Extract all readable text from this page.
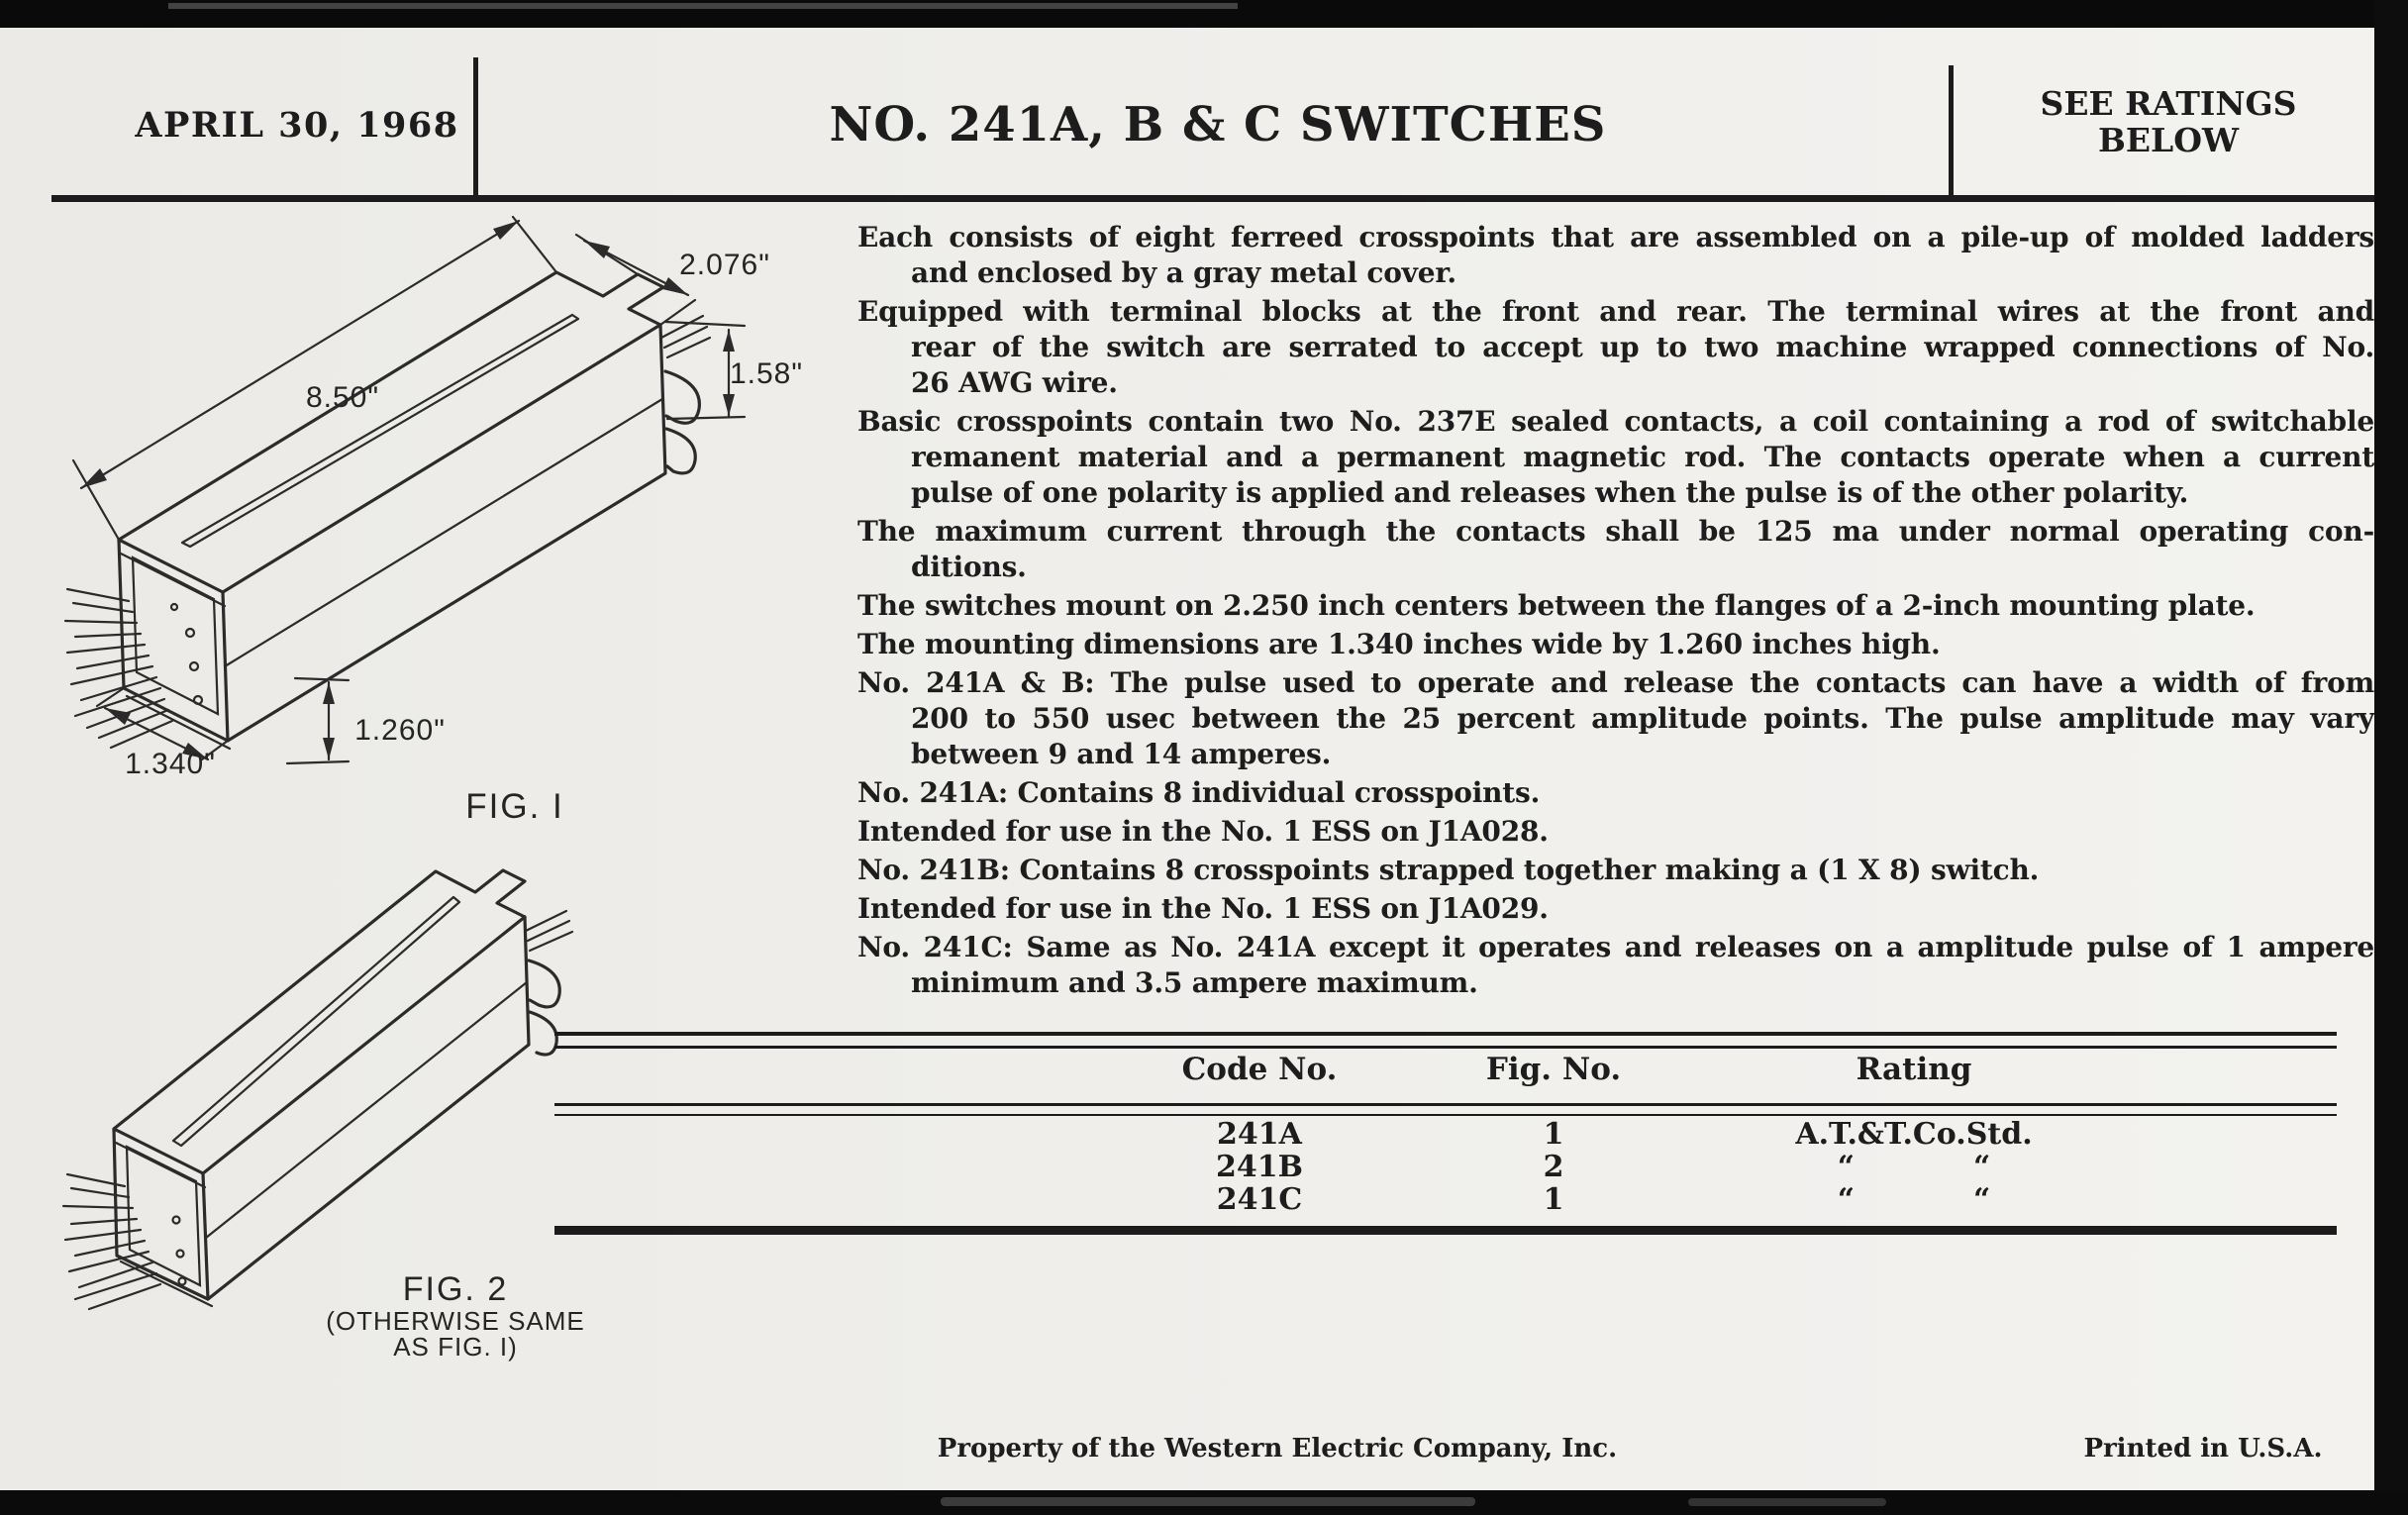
APRIL 30, 1968	NO. 241A, B & C SWITCHES	SEE RATINGS
BELOW
8.50"
2.076"
1.58"
1.340"
1.260"
FIG. I
FIG. 2
(OTHERWISE SAME
AS FIG. I)
Each consists of eight ferreed crosspoints that are assembled on a pile-up of molded ladders
and enclosed by a gray metal cover.
Equipped with terminal blocks at the front and rear. The terminal wires at the front and
rear of the switch are serrated to accept up to two machine wrapped connections of No.
26 AWG wire.
Basic crosspoints contain two No. 237E sealed contacts, a coil containing a rod of switchable
remanent material and a permanent magnetic rod. The contacts operate when a current
pulse of one polarity is applied and releases when the pulse is of the other polarity.
The maximum current through the contacts shall be 125 ma under normal operating con-
ditions.
The switches mount on 2.250 inch centers between the flanges of a 2-inch mounting plate.
The mounting dimensions are 1.340 inches wide by 1.260 inches high.
No. 241A & B: The pulse used to operate and release the contacts can have a width of from
200 to 550 usec between the 25 percent amplitude points. The pulse amplitude may vary
between 9 and 14 amperes.
No. 241A: Contains 8 individual crosspoints.
Intended for use in the No. 1 ESS on J1A028.
No. 241B: Contains 8 crosspoints strapped together making a (1 X 8) switch.
Intended for use in the No. 1 ESS on J1A029.
No. 241C: Same as No. 241A except it operates and releases on a amplitude pulse of 1 ampere
minimum and 3.5 ampere maximum.
Code No.	Fig. No.	Rating
241A	1	A.T.&T.Co.Std.
241B	2	“    “
241C	1	“    “
Property of the Western Electric Company, Inc.	Printed in U.S.A.
